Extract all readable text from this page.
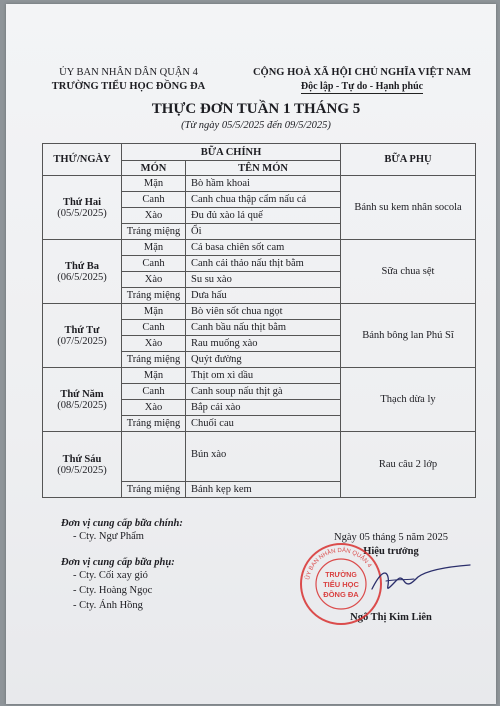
ỦY BAN NHÂN DÂN QUẬN 4
TRƯỜNG TIỂU HỌC ĐỒNG ĐA
CỘNG HOÀ XÃ HỘI CHỦ NGHĨA VIỆT NAM
Độc lập - Tự do - Hạnh phúc
THỰC ĐƠN TUẦN 1 THÁNG 5
(Từ ngày 05/5/2025 đến 09/5/2025)
THỨ/NGÀY	BỮA CHÍNH		BỮA PHỤ
	MÓN	TÊN MÓN	

Thứ Hai
(05/5/2025)	Mặn	Bò hầm khoai	Bánh su kem nhân socola
	Canh	Canh chua thập cẩm nấu cá	
	Xào	Đu đủ xào lá quế	
	Tráng miệng	Ổi	

Thứ Ba
(06/5/2025)	Mặn	Cá basa chiên sốt cam	Sữa chua sệt
	Canh	Canh cải thảo nấu thịt bằm	
	Xào	Su su xào	
	Tráng miệng	Dưa hấu	

Thứ Tư
(07/5/2025)	Mặn	Bò viên sốt chua ngọt	Bánh bông lan Phú Sĩ
	Canh	Canh bầu nấu thịt bằm	
	Xào	Rau muống xào	
	Tráng miệng	Quýt đường	

Thứ Năm
(08/5/2025)	Mặn	Thịt om xì dầu	Thạch dừa ly
	Canh	Canh soup nấu thịt gà	
	Xào	Bắp cải xào	
	Tráng miệng	Chuối cau	

Thứ Sáu
(09/5/2025)		Bún xào	Rau câu 2 lớp
	Tráng miệng	Bánh kẹp kem	
Đơn vị cung cấp bữa chính:
- Cty. Ngư Phẩm
Đơn vị cung cấp bữa phụ:
- Cty. Cối xay gió
- Cty. Hoàng Ngọc
- Cty. Ánh Hồng
Ngày 05 tháng 5 năm 2025
Hiệu trưởng
Ngô Thị Kim Liên
ỦY BAN NHÂN DÂN QUẬN 4
TRƯỜNG
TIỂU HỌC
ĐỒNG ĐA
